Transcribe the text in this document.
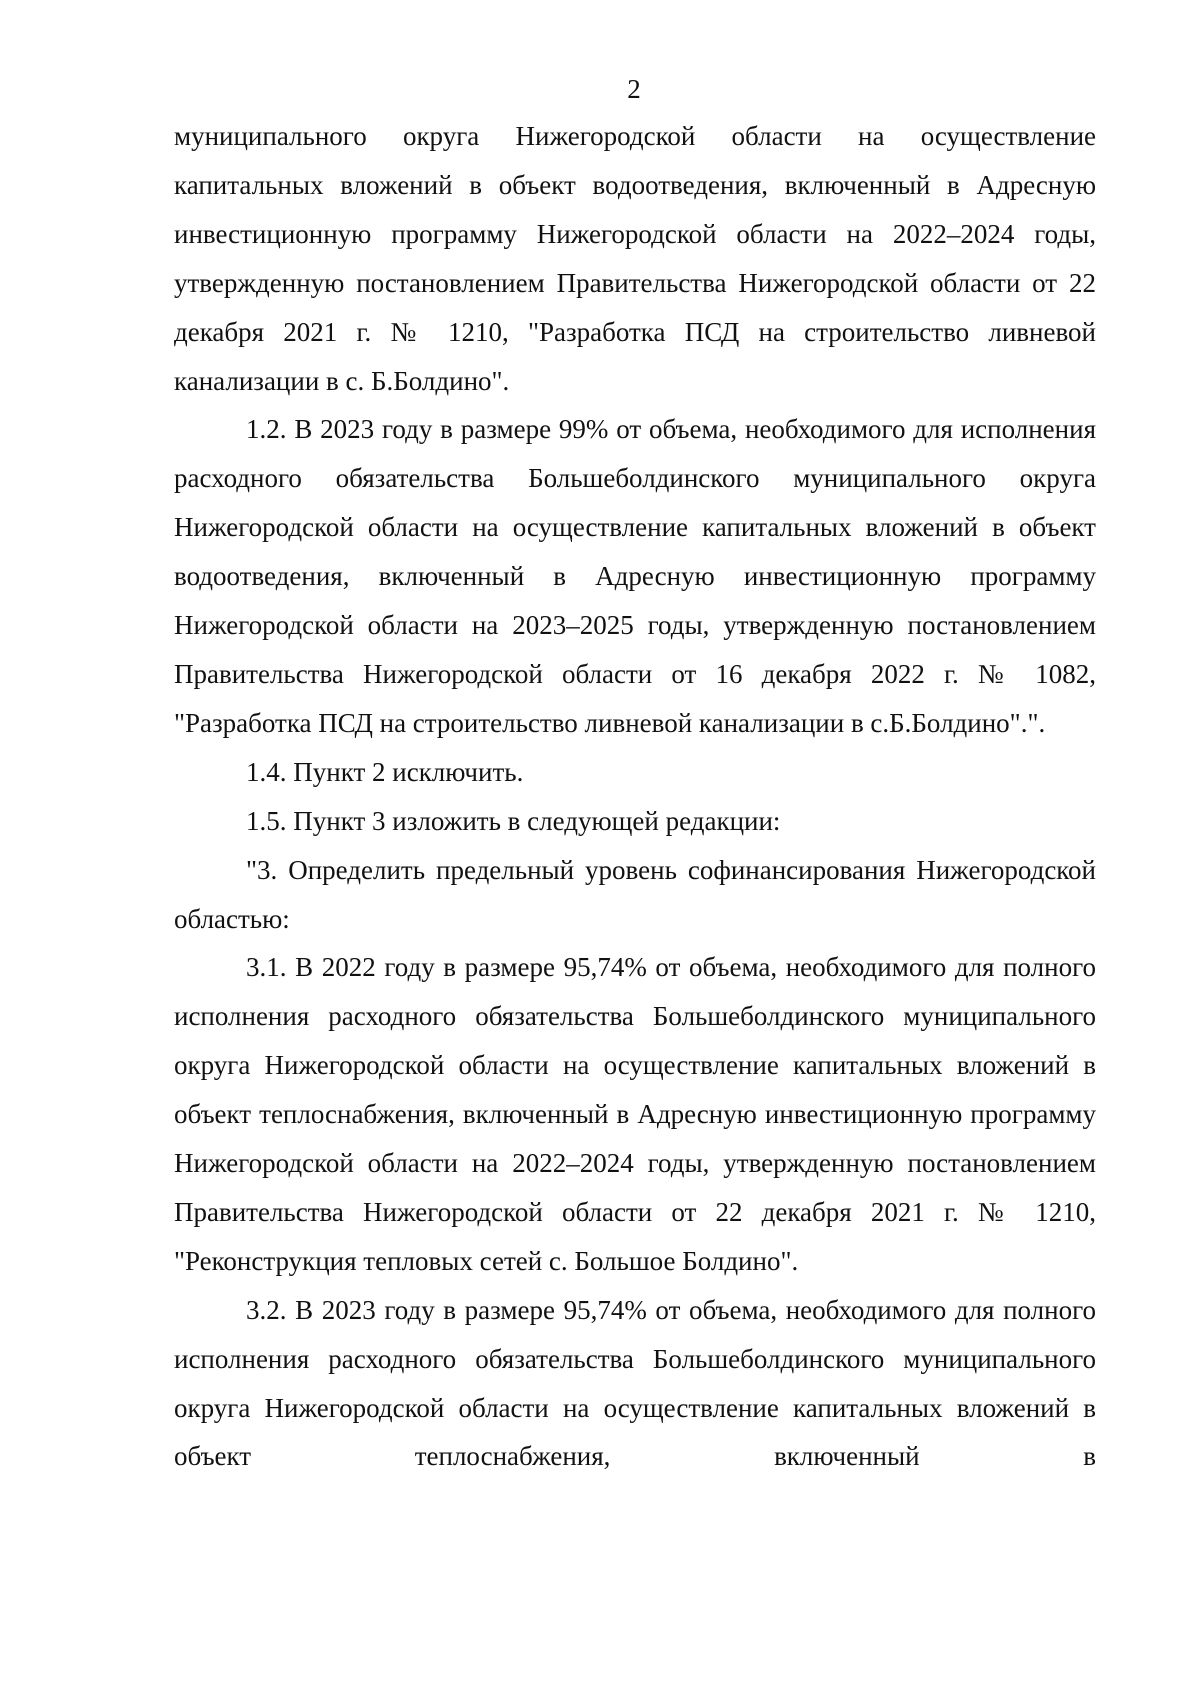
2

муниципального округа Нижегородской области на осуществление капитальных вложений в объект водоотведения, включенный в Адресную инвестиционную программу Нижегородской области на 2022–2024 годы, утвержденную постановлением Правительства Нижегородской области от 22 декабря 2021 г. № 1210, "Разработка ПСД на строительство ливневой канализации в с. Б.Болдино".

1.2. В 2023 году в размере 99% от объема, необходимого для исполнения расходного обязательства Большеболдинского муниципального округа Нижегородской области на осуществление капитальных вложений в объект водоотведения, включенный в Адресную инвестиционную программу Нижегородской области на 2023–2025 годы, утвержденную постановлением Правительства Нижегородской области от 16 декабря 2022 г. № 1082, "Разработка ПСД на строительство ливневой канализации в с.Б.Болдино".".

1.4. Пункт 2 исключить.

1.5. Пункт 3 изложить в следующей редакции:

"3. Определить предельный уровень софинансирования Нижегородской областью:

3.1. В 2022 году в размере 95,74% от объема, необходимого для полного исполнения расходного обязательства Большеболдинского муниципального округа Нижегородской области на осуществление капитальных вложений в объект теплоснабжения, включенный в Адресную инвестиционную программу Нижегородской области на 2022–2024 годы, утвержденную постановлением Правительства Нижегородской области от 22 декабря 2021 г. № 1210, "Реконструкция тепловых сетей с. Большое Болдино".

3.2. В 2023 году в размере 95,74% от объема, необходимого для полного исполнения расходного обязательства Большеболдинского муниципального округа Нижегородской области на осуществление капитальных вложений в объект теплоснабжения, включенный в
